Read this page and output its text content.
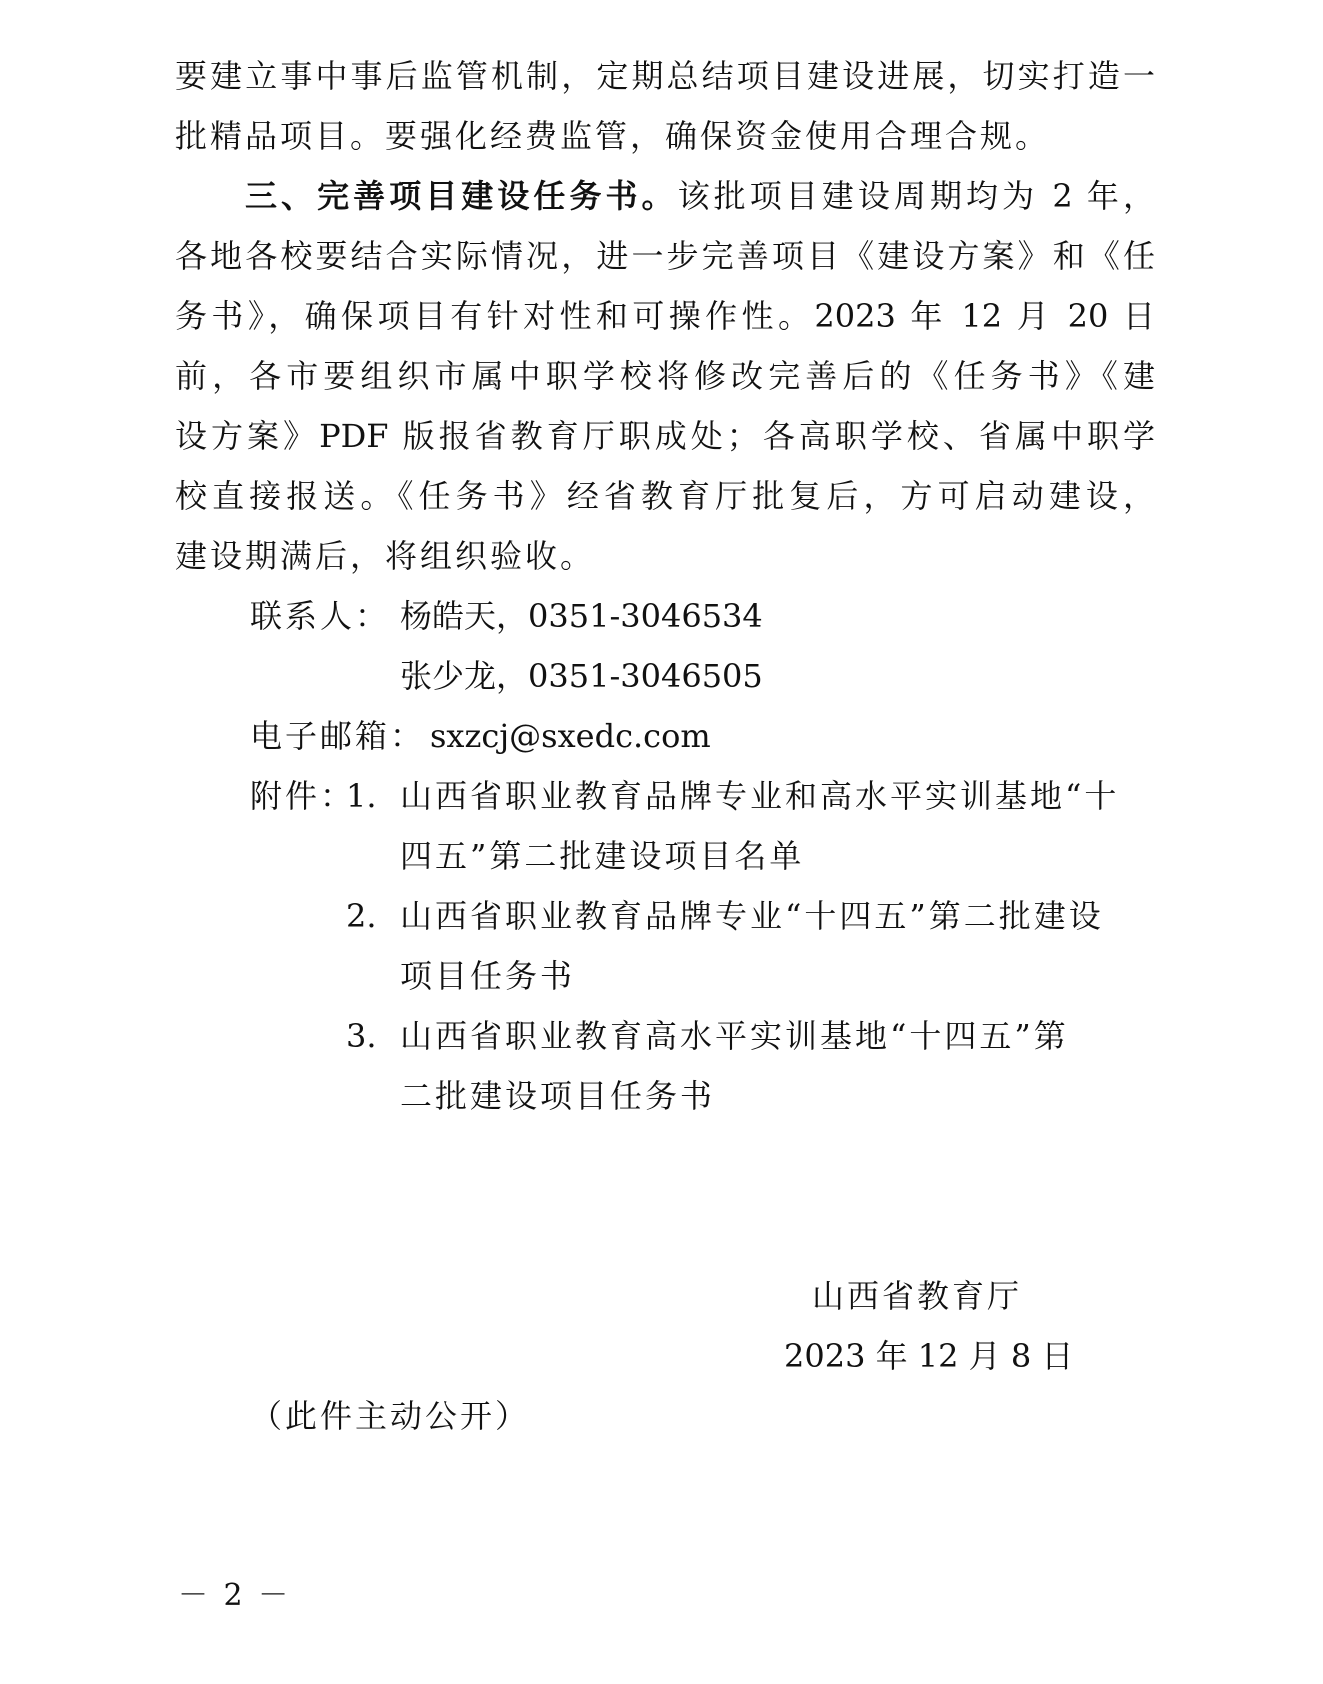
要建立事中事后监管机制，定期总结项目建设进展，切实打造一
批精品项目。要强化经费监管，确保资金使用合理合规。
三、完善项目建设任务书。该批项目建设周期均为 2 年，
各地各校要结合实际情况，进一步完善项目《建设方案》和《任
务书》，确保项目有针对性和可操作性。2023 年 12 月 20 日
前，各市要组织市属中职学校将修改完善后的《任务书》《建
设方案》PDF 版报省教育厅职成处；各高职学校、省属中职学
校直接报送。《任务书》经省教育厅批复后，方可启动建设，
建设期满后，将组织验收。
联系人： 杨皓天，0351-3046534
张少龙，0351-3046505
电子邮箱： sxzcj@sxedc.com
附件：
1. 山西省职业教育品牌专业和高水平实训基地“十
四五”第二批建设项目名单
2. 山西省职业教育品牌专业“十四五”第二批建设
项目任务书
3. 山西省职业教育高水平实训基地“十四五”第
二批建设项目任务书
山西省教育厅
2023 年 12 月 8 日
（此件主动公开）
－ 2 －
